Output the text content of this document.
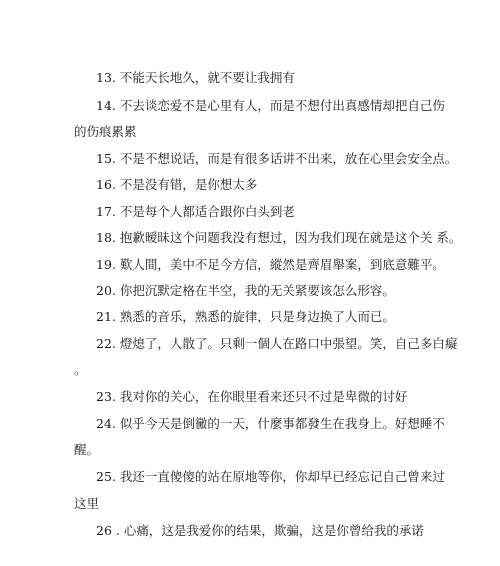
13. 不能天长地久，就不要让我拥有
14. 不去谈恋爱不是心里有人，而是不想付出真感情却把自己伤
的伤痕累累
15. 不是不想说话，而是有很多话讲不出来，放在心里会安全点。
16. 不是没有错，是你想太多
17. 不是每个人都适合跟你白头到老
18. 抱歉暧昧这个问题我没有想过，因为我们现在就是这个关 系。
19. 歎人間，美中不足今方信，縱然是齊眉舉案，到底意難平。
20. 你把沉默定格在半空，我的无关紧要该怎么形容。
21. 熟悉的音乐，熟悉的旋律，只是身边换了人而已。
22. 燈熄了，人散了。只剩一個人在路口中張望。笑，自己多白癡
。
23. 我对你的关心，在你眼里看来还只不过是卑微的讨好
24. 似乎今天是倒黴的一天，什麼事都發生在我身上。好想睡不
醒。
25. 我还一直傻傻的站在原地等你，你却早已经忘记自己曾来过
这里
26 . 心痛，这是我爱你的结果，欺骗，这是你曾给我的承诺
